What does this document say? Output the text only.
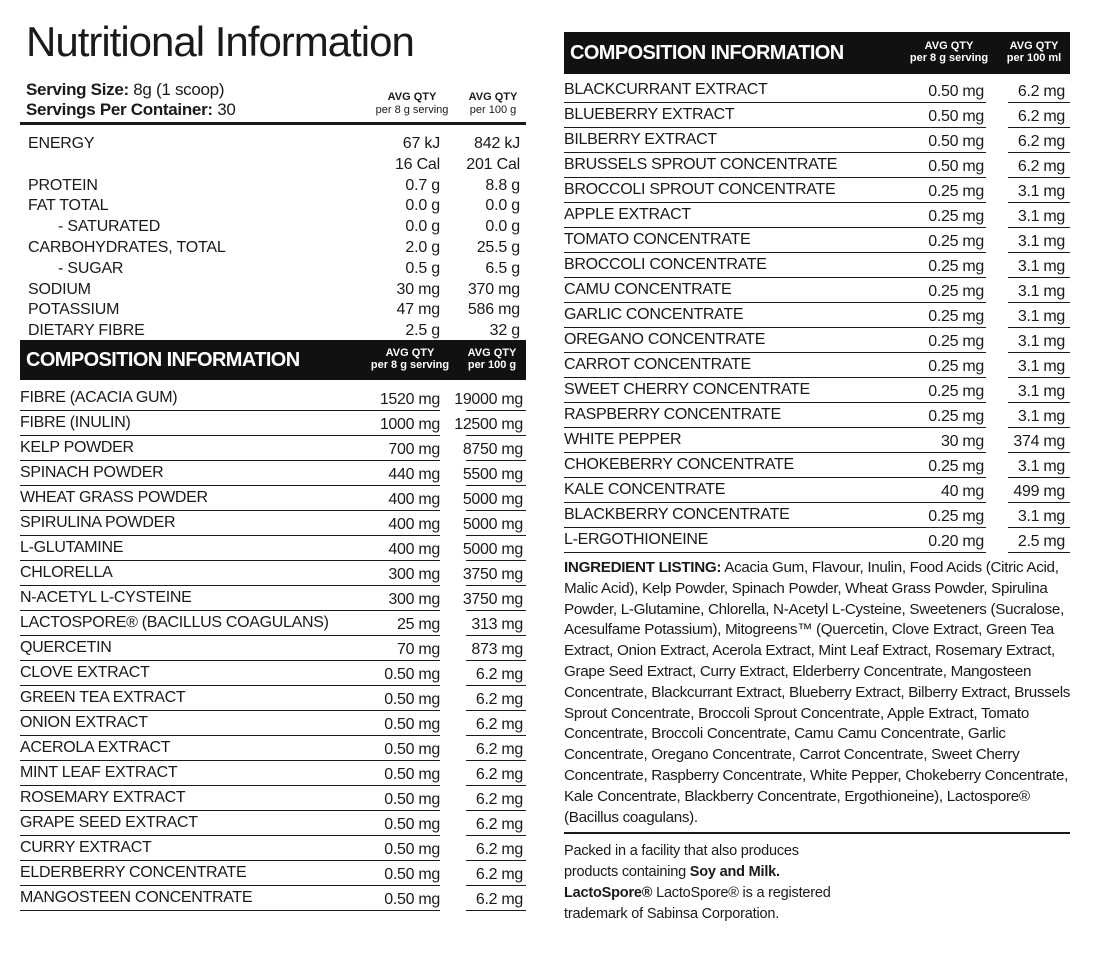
Nutritional Information
Serving Size: 8g (1 scoop)
Servings Per Container: 30
AVG QTY
per 8 g serving
AVG QTY
per 100 g
ENERGY	67 kJ 842 kJ
16 Cal 201 Cal
PROTEIN	0.7 g	8.8 g
FAT TOTAL	0.0 g	0.0 g
- SATURATED	0.0 g	0.0 g
CARBOHYDRATES, TOTAL	2.0 g 25.5 g
- SUGAR	0.5 g	6.5 g
SODIUM	30 mg 370 mg
POTASSIUM	47 mg 586 mg
DIETARY FIBRE	2.5 g	32 g
COMPOSITION INFORMATION	AVG QTY
per 8 g serving
AVG QTY
per 100 g
FIBRE (ACACIA GUM)	1520 mg 19000 mg
FIBRE (INULIN)	1000 mg 12500 mg
KELP POWDER	700 mg 8750 mg
SPINACH POWDER	440 mg 5500 mg
WHEAT GRASS POWDER	400 mg 5000 mg
SPIRULINA POWDER	400 mg 5000 mg
L-GLUTAMINE	400 mg 5000 mg
CHLORELLA	300 mg 3750 mg
N-ACETYL L-CYSTEINE	300 mg 3750 mg
LACTOSPORE® (BACILLUS COAGULANS)	25 mg 313 mg
QUERCETIN	70 mg 873 mg
CLOVE EXTRACT	0.50 mg 6.2 mg
GREEN TEA EXTRACT	0.50 mg 6.2 mg
ONION EXTRACT	0.50 mg 6.2 mg
ACEROLA EXTRACT	0.50 mg 6.2 mg
MINT LEAF EXTRACT	0.50 mg 6.2 mg
ROSEMARY EXTRACT	0.50 mg 6.2 mg
GRAPE SEED EXTRACT	0.50 mg 6.2 mg
CURRY EXTRACT	0.50 mg 6.2 mg
ELDERBERRY CONCENTRATE	0.50 mg 6.2 mg
MANGOSTEEN CONCENTRATE	0.50 mg 6.2 mg
COMPOSITION INFORMATION	AVG QTY
per 8 g serving
AVG QTY
per 100 ml
BLACKCURRANT EXTRACT	0.50 mg 6.2 mg
BLUEBERRY EXTRACT	0.50 mg 6.2 mg
BILBERRY EXTRACT	0.50 mg 6.2 mg
BRUSSELS SPROUT CONCENTRATE	0.50 mg 6.2 mg
BROCCOLI SPROUT CONCENTRATE	0.25 mg 3.1 mg
APPLE EXTRACT	0.25 mg 3.1 mg
TOMATO CONCENTRATE	0.25 mg 3.1 mg
BROCCOLI CONCENTRATE	0.25 mg 3.1 mg
CAMU CONCENTRATE	0.25 mg 3.1 mg
GARLIC CONCENTRATE	0.25 mg 3.1 mg
OREGANO CONCENTRATE	0.25 mg 3.1 mg
CARROT CONCENTRATE	0.25 mg 3.1 mg
SWEET CHERRY CONCENTRATE	0.25 mg 3.1 mg
RASPBERRY CONCENTRATE	0.25 mg 3.1 mg
WHITE PEPPER	30 mg 374 mg
CHOKEBERRY CONCENTRATE	0.25 mg 3.1 mg
KALE CONCENTRATE	40 mg 499 mg
BLACKBERRY CONCENTRATE	0.25 mg 3.1 mg
L-ERGOTHIONEINE	0.20 mg 2.5 mg
INGREDIENT LISTING: Acacia Gum, Flavour, Inulin, Food Acids (Citric Acid, Malic Acid), Kelp Powder, Spinach Powder, Wheat Grass Powder, Spirulina Powder, L-Glutamine, Chlorella, N-Acetyl L-Cysteine, Sweeteners (Sucralose, Acesulfame Potassium), Mitogreens™ (Quercetin, Clove Extract, Green Tea Extract, Onion Extract, Acerola Extract, Mint Leaf Extract, Rosemary Extract, Grape Seed Extract, Curry Extract, Elderberry Concentrate, Mangosteen Concentrate, Blackcurrant Extract, Blueberry Extract, Bilberry Extract, Brussels Sprout Concentrate, Broccoli Sprout Concentrate, Apple Extract, Tomato Concentrate, Broccoli Concentrate, Camu Camu Concentrate, Garlic Concentrate, Oregano Concentrate, Carrot Concentrate, Sweet Cherry Concentrate, Raspberry Concentrate, White Pepper, Chokeberry Concentrate, Kale Concentrate, Blackberry Concentrate, Ergothioneine), Lactospore® (Bacillus coagulans).
Packed in a facility that also produces
products containing Soy and Milk.
LactoSpore® LactoSpore® is a registered
trademark of Sabinsa Corporation.
